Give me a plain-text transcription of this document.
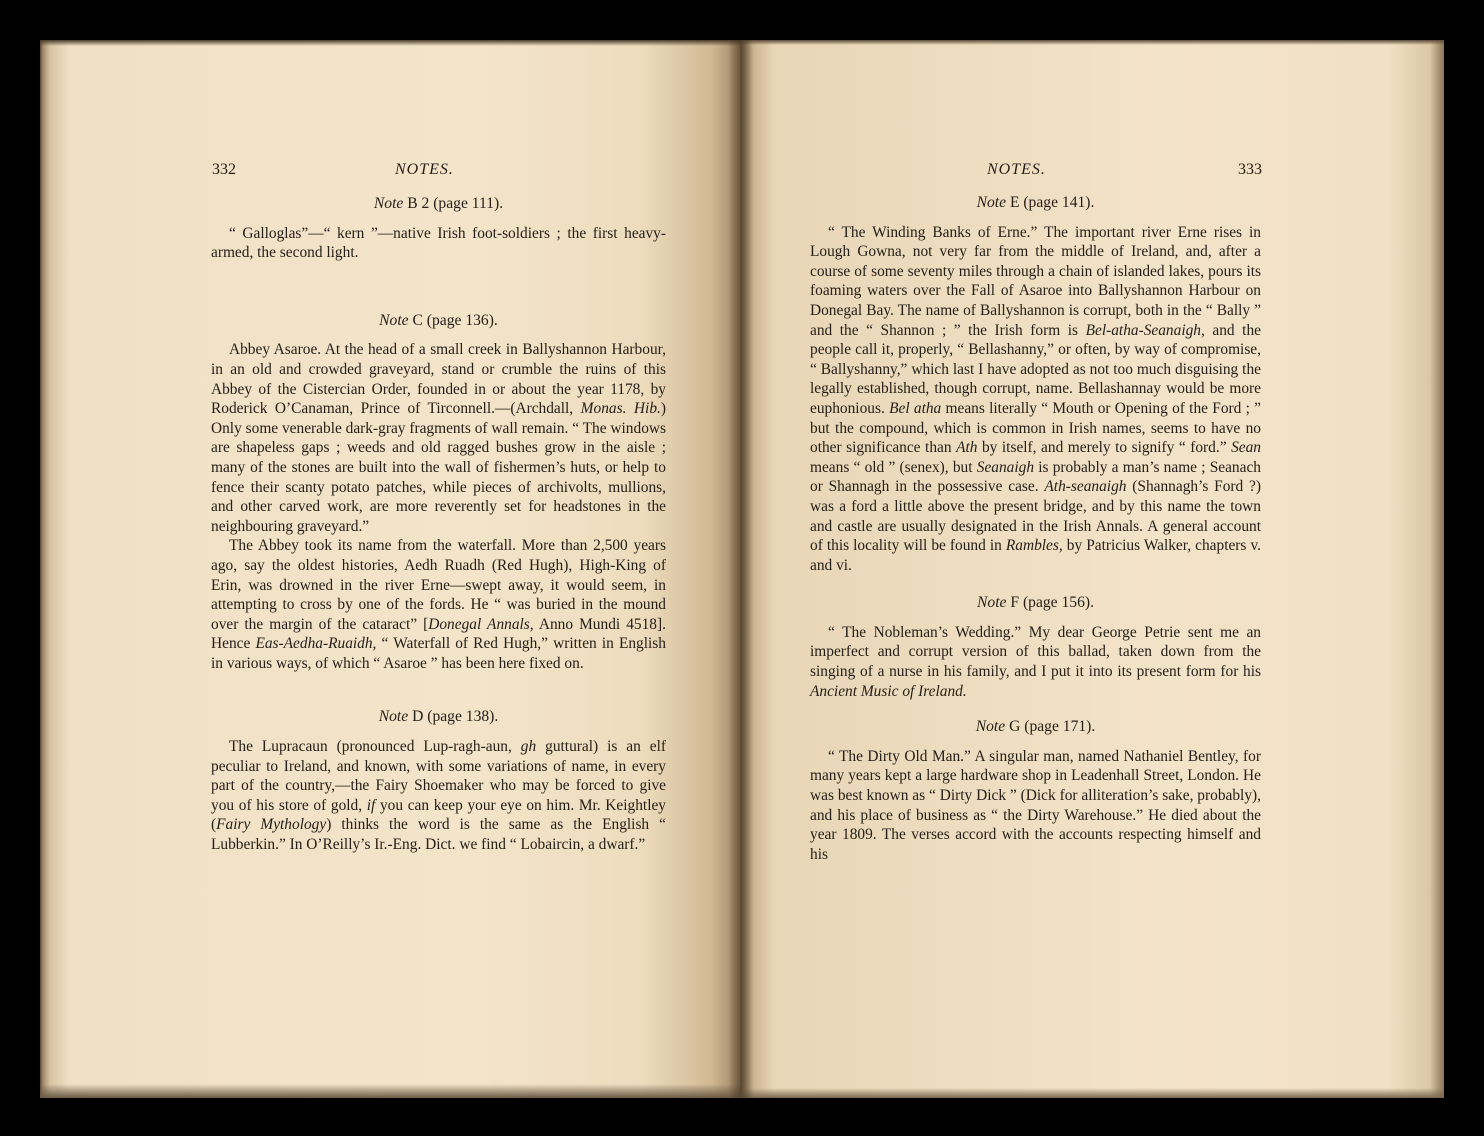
332	NOTES.

Note B 2 (page 111).

“ Galloglas”—“ kern ”—native Irish foot-soldiers ; the first heavy-armed, the second light.

Note C (page 136).

Abbey Asaroe. At the head of a small creek in Ballyshannon Harbour, in an old and crowded graveyard, stand or crumble the ruins of this Abbey of the Cistercian Order, founded in or about the year 1178, by Roderick O’Canaman, Prince of Tirconnell.—(Archdall, Monas. Hib.) Only some venerable dark-gray fragments of wall remain. “ The windows are shapeless gaps ; weeds and old ragged bushes grow in the aisle ; many of the stones are built into the wall of fishermen’s huts, or help to fence their scanty potato patches, while pieces of archivolts, mullions, and other carved work, are more reverently set for headstones in the neighbouring graveyard.”

The Abbey took its name from the waterfall. More than 2,500 years ago, say the oldest histories, Aedh Ruadh (Red Hugh), High-King of Erin, was drowned in the river Erne—swept away, it would seem, in attempting to cross by one of the fords. He “ was buried in the mound over the margin of the cataract” [Donegal Annals, Anno Mundi 4518]. Hence Eas-Aedha-Ruaidh, “ Waterfall of Red Hugh,” written in English in various ways, of which “ Asaroe ” has been here fixed on.

Note D (page 138).

The Lupracaun (pronounced Lup-ragh-aun, gh guttural) is an elf peculiar to Ireland, and known, with some variations of name, in every part of the country,—the Fairy Shoemaker who may be forced to give you of his store of gold, if you can keep your eye on him. Mr. Keightley (Fairy Mythology) thinks the word is the same as the English “ Lubberkin.” In O’Reilly’s Ir.-Eng. Dict. we find “ Lobaircin, a dwarf.”

NOTES.	333

Note E (page 141).

“ The Winding Banks of Erne.” The important river Erne rises in Lough Gowna, not very far from the middle of Ireland, and, after a course of some seventy miles through a chain of islanded lakes, pours its foaming waters over the Fall of Asaroe into Ballyshannon Harbour on Donegal Bay. The name of Ballyshannon is corrupt, both in the “ Bally ” and the “ Shannon ; ” the Irish form is Bel-atha-Seanaigh, and the people call it, properly, “ Bellashanny,” or often, by way of compromise, “ Ballyshanny,” which last I have adopted as not too much disguising the legally established, though corrupt, name. Bellashannay would be more euphonious. Bel atha means literally “ Mouth or Opening of the Ford ; ” but the compound, which is common in Irish names, seems to have no other significance than Ath by itself, and merely to signify “ ford.” Sean means “ old ” (senex), but Seanaigh is probably a man’s name ; Seanach or Shannagh in the possessive case. Ath-seanaigh (Shannagh’s Ford ?) was a ford a little above the present bridge, and by this name the town and castle are usually designated in the Irish Annals. A general account of this locality will be found in Rambles, by Patricius Walker, chapters v. and vi.

Note F (page 156).

“ The Nobleman’s Wedding.” My dear George Petrie sent me an imperfect and corrupt version of this ballad, taken down from the singing of a nurse in his family, and I put it into its present form for his Ancient Music of Ireland.

Note G (page 171).

“ The Dirty Old Man.” A singular man, named Nathaniel Bentley, for many years kept a large hardware shop in Leadenhall Street, London. He was best known as “ Dirty Dick ” (Dick for alliteration’s sake, probably), and his place of business as “ the Dirty Warehouse.” He died about the year 1809. The verses accord with the accounts respecting himself and his
